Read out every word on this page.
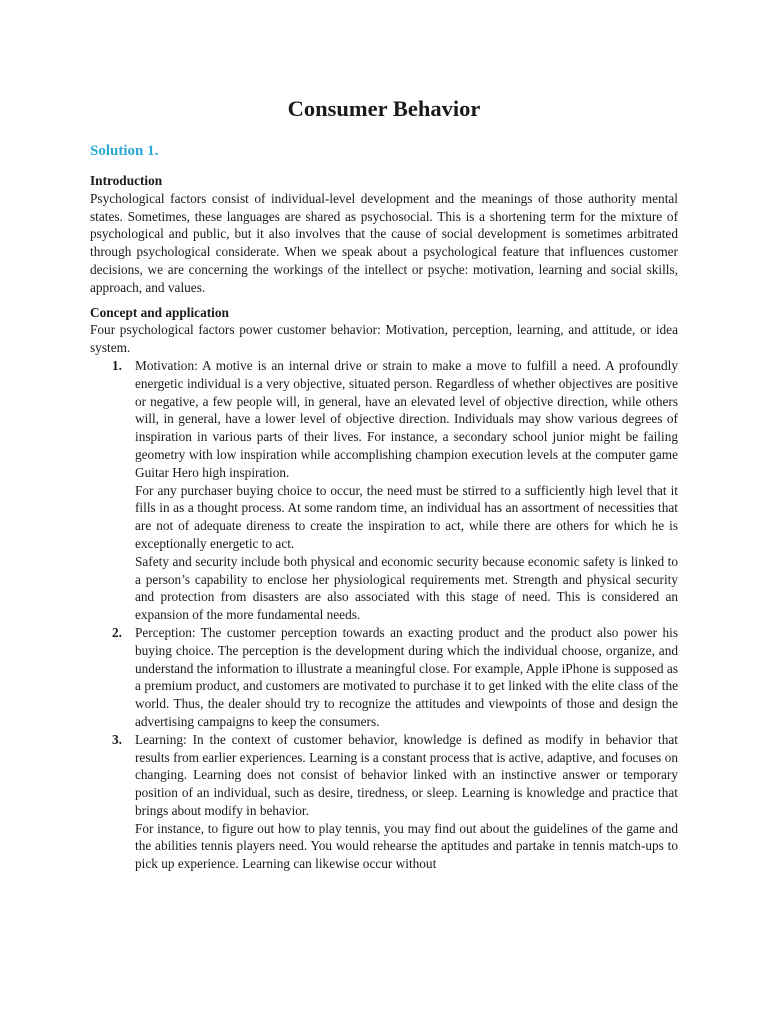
Consumer Behavior
Solution 1.
Introduction

Psychological factors consist of individual-level development and the meanings of those authority mental states. Sometimes, these languages are shared as psychosocial. This is a shortening term for the mixture of psychological and public, but it also involves that the cause of social development is sometimes arbitrated through psychological considerate. When we speak about a psychological feature that influences customer decisions, we are concerning the workings of the intellect or psyche: motivation, learning and social skills, approach, and values.

Concept and application

Four psychological factors power customer behavior: Motivation, perception, learning, and attitude, or idea system.

1. Motivation: A motive is an internal drive or strain to make a move to fulfill a need. A profoundly energetic individual is a very objective, situated person. Regardless of whether objectives are positive or negative, a few people will, in general, have an elevated level of objective direction, while others will, in general, have a lower level of objective direction. Individuals may show various degrees of inspiration in various parts of their lives. For instance, a secondary school junior might be failing geometry with low inspiration while accomplishing champion execution levels at the computer game Guitar Hero high inspiration.

For any purchaser buying choice to occur, the need must be stirred to a sufficiently high level that it fills in as a thought process. At some random time, an individual has an assortment of necessities that are not of adequate direness to create the inspiration to act, while there are others for which he is exceptionally energetic to act.

Safety and security include both physical and economic security because economic safety is linked to a person’s capability to enclose her physiological requirements met. Strength and physical security and protection from disasters are also associated with this stage of need. This is considered an expansion of the more fundamental needs.

2. Perception: The customer perception towards an exacting product and the product also power his buying choice. The perception is the development during which the individual choose, organize, and understand the information to illustrate a meaningful close. For example, Apple iPhone is supposed as a premium product, and customers are motivated to purchase it to get linked with the elite class of the world. Thus, the dealer should try to recognize the attitudes and viewpoints of those and design the advertising campaigns to keep the consumers.

3. Learning: In the context of customer behavior, knowledge is defined as modify in behavior that results from earlier experiences. Learning is a constant process that is active, adaptive, and focuses on changing. Learning does not consist of behavior linked with an instinctive answer or temporary position of an individual, such as desire, tiredness, or sleep. Learning is knowledge and practice that brings about modify in behavior.

For instance, to figure out how to play tennis, you may find out about the guidelines of the game and the abilities tennis players need. You would rehearse the aptitudes and partake in tennis match-ups to pick up experience. Learning can likewise occur without
